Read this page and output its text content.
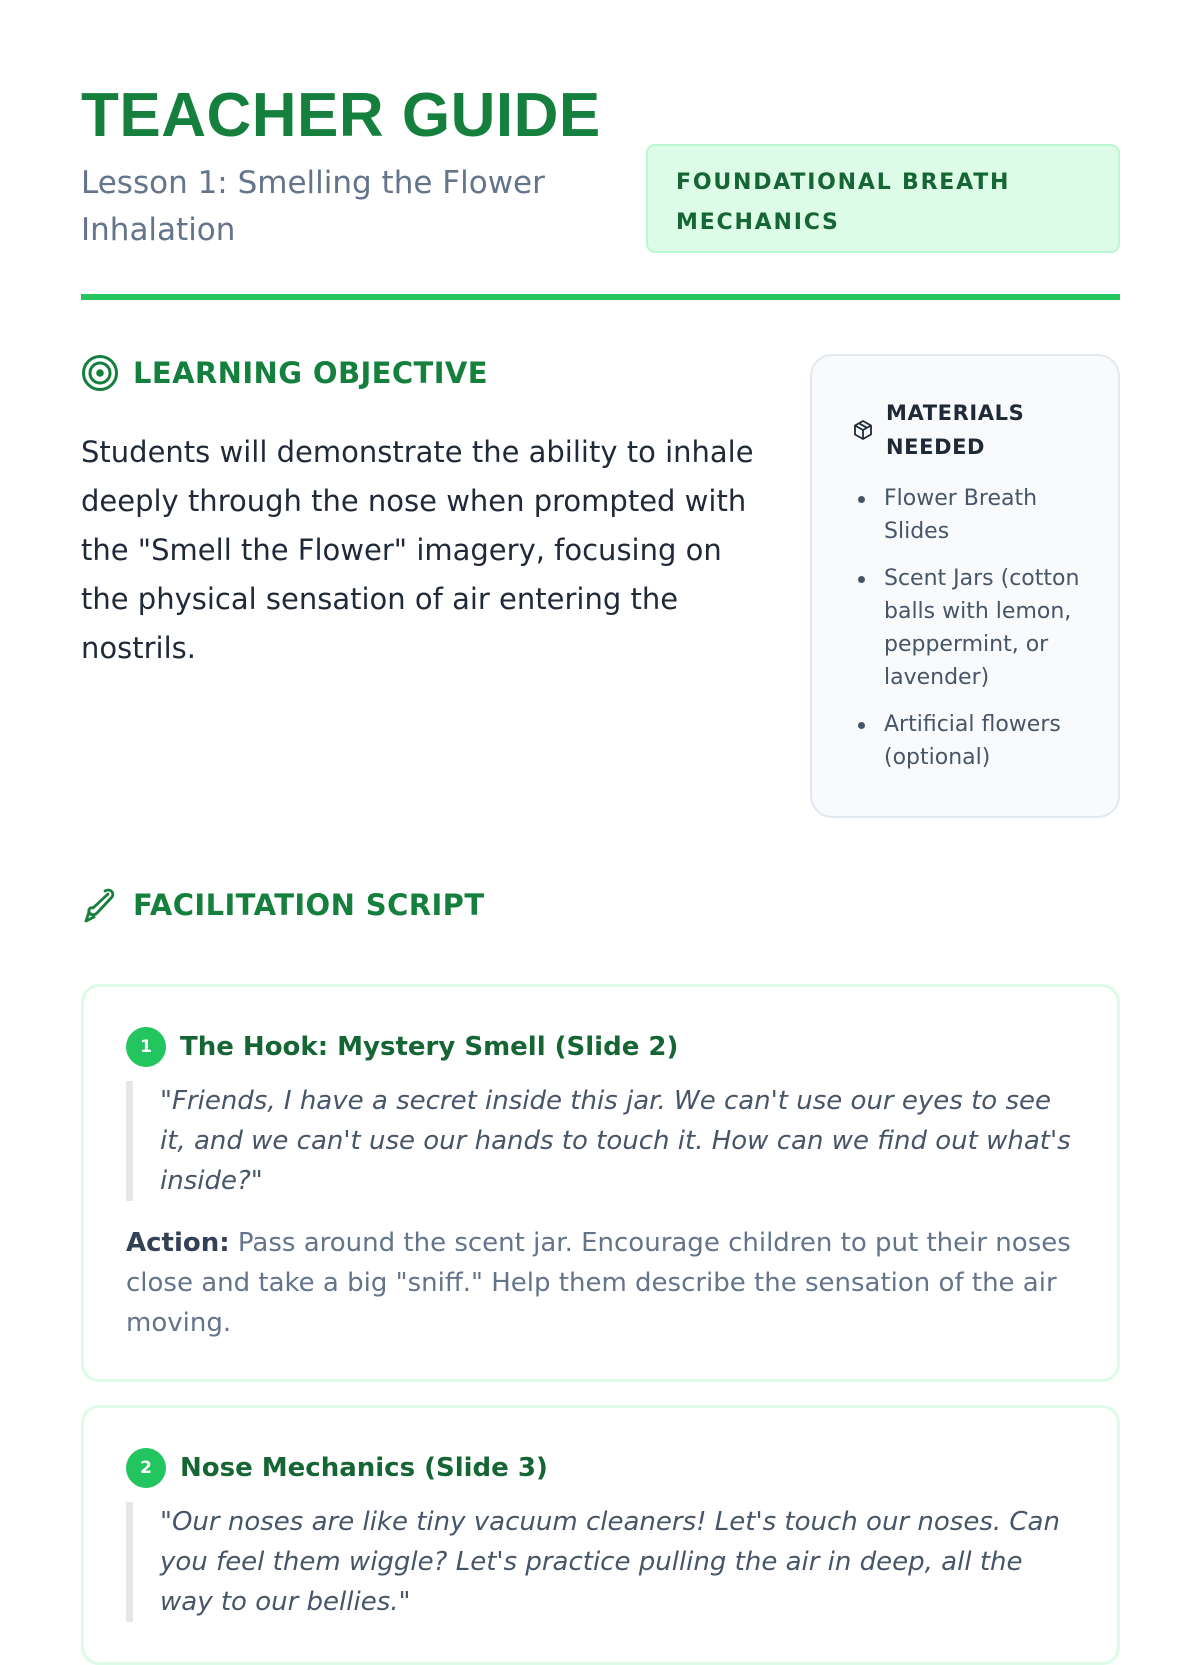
TEACHER GUIDE
Lesson 1: Smelling the Flower Inhalation
FOUNDATIONAL BREATH MECHANICS
LEARNING OBJECTIVE

Students will demonstrate the ability to inhale deeply through the nose when prompted with the "Smell the Flower" imagery, focusing on the physical sensation of air entering the nostrils.

MATERIALS NEEDED
Flower Breath Slides
Scent Jars (cotton balls with lemon, peppermint, or lavender)
Artificial flowers (optional)
FACILITATION SCRIPT
1	The Hook: Mystery Smell (Slide 2)
"Friends, I have a secret inside this jar. We can't use our eyes to see it, and we can't use our hands to touch it. How can we find out what's inside?"

Action: Pass around the scent jar. Encourage children to put their noses close and take a big "sniff." Help them describe the sensation of the air moving.

2	Nose Mechanics (Slide 3)
"Our noses are like tiny vacuum cleaners! Let's touch our noses. Can you feel them wiggle? Let's practice pulling the air in deep, all the way to our bellies."
